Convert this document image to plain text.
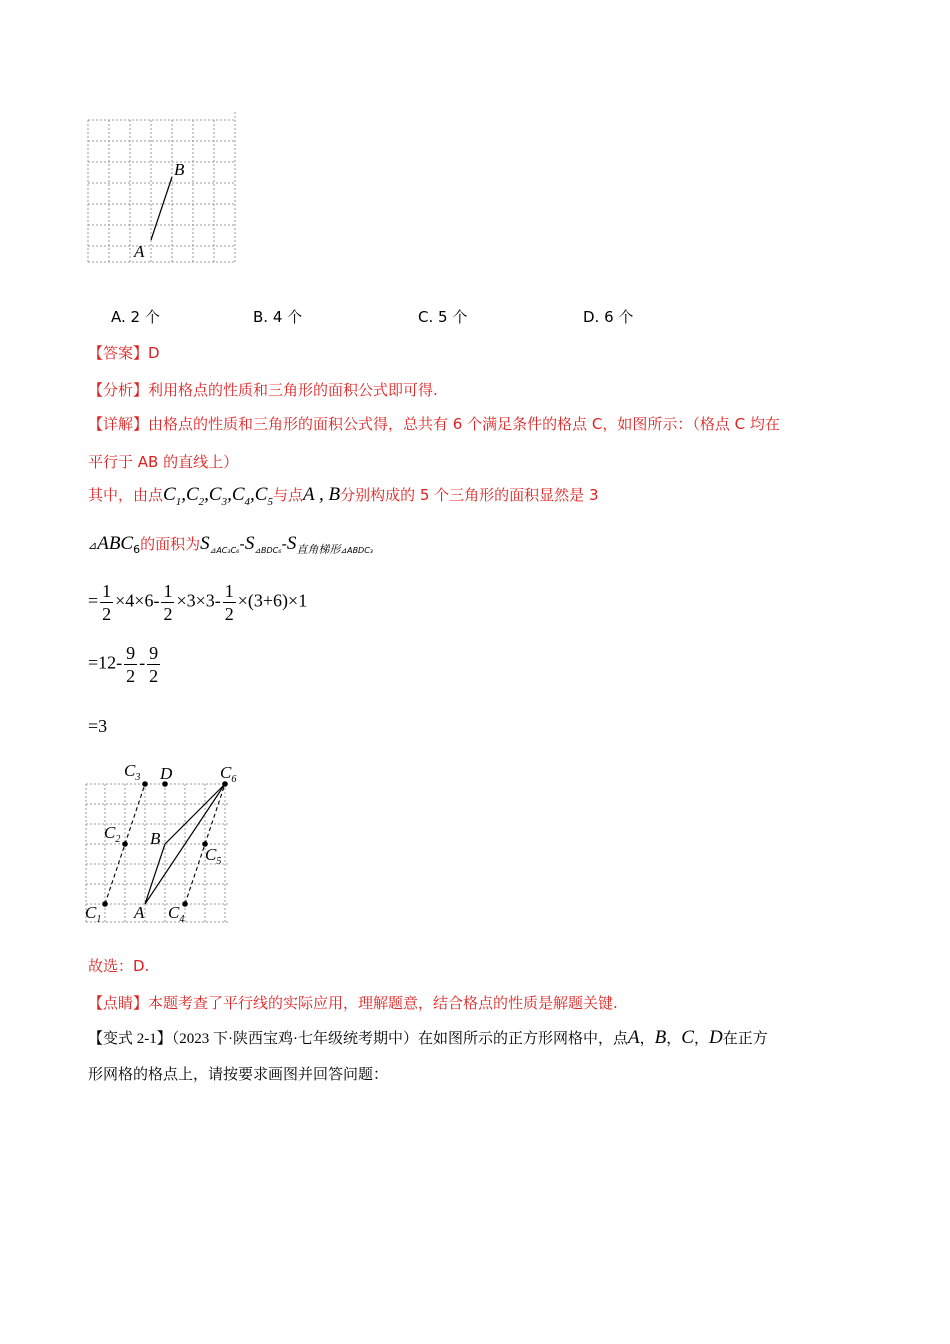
A
B
A. 2 个	B. 4 个	C. 5 个	D. 6 个
【答案】D
【分析】利用格点的性质和三角形的面积公式即可得.
【详解】由格点的性质和三角形的面积公式得，总共有 6 个满足条件的格点 C，如图所示：（格点 C 均在
平行于 AB 的直线上）
其中，由点$C_1,C_2,C_3,C_4,C_5$与点A , B分别构成的 5 个三角形的面积显然是 3
$⊿ABC_6$的面积为$S_{⊿AC_3C_6}-S_{⊿BDC_6}-S_{直角梯形⊿ABDC_3}$
= $\frac{1}{2} \times 4\times 6- \frac{1}{2} \times 3\times 3- \frac{1}{2} \times(3+6)\times 1$
$=12- \frac{9}{2} - \frac{9}{2}$
=3
$C_3$ D	$C_6$
$C_2$ B
$C_5$
$C_1$ A $C_4$
故选：D.
【点睛】本题考查了平行线的实际应用，理解题意，结合格点的性质是解题关键.
【变式 2-1】（2023 下·陕西宝鸡·七年级统考期中）在如图所示的正方形网格中，点A，B，C，D在正方
形网格的格点上，请按要求画图并回答问题：
